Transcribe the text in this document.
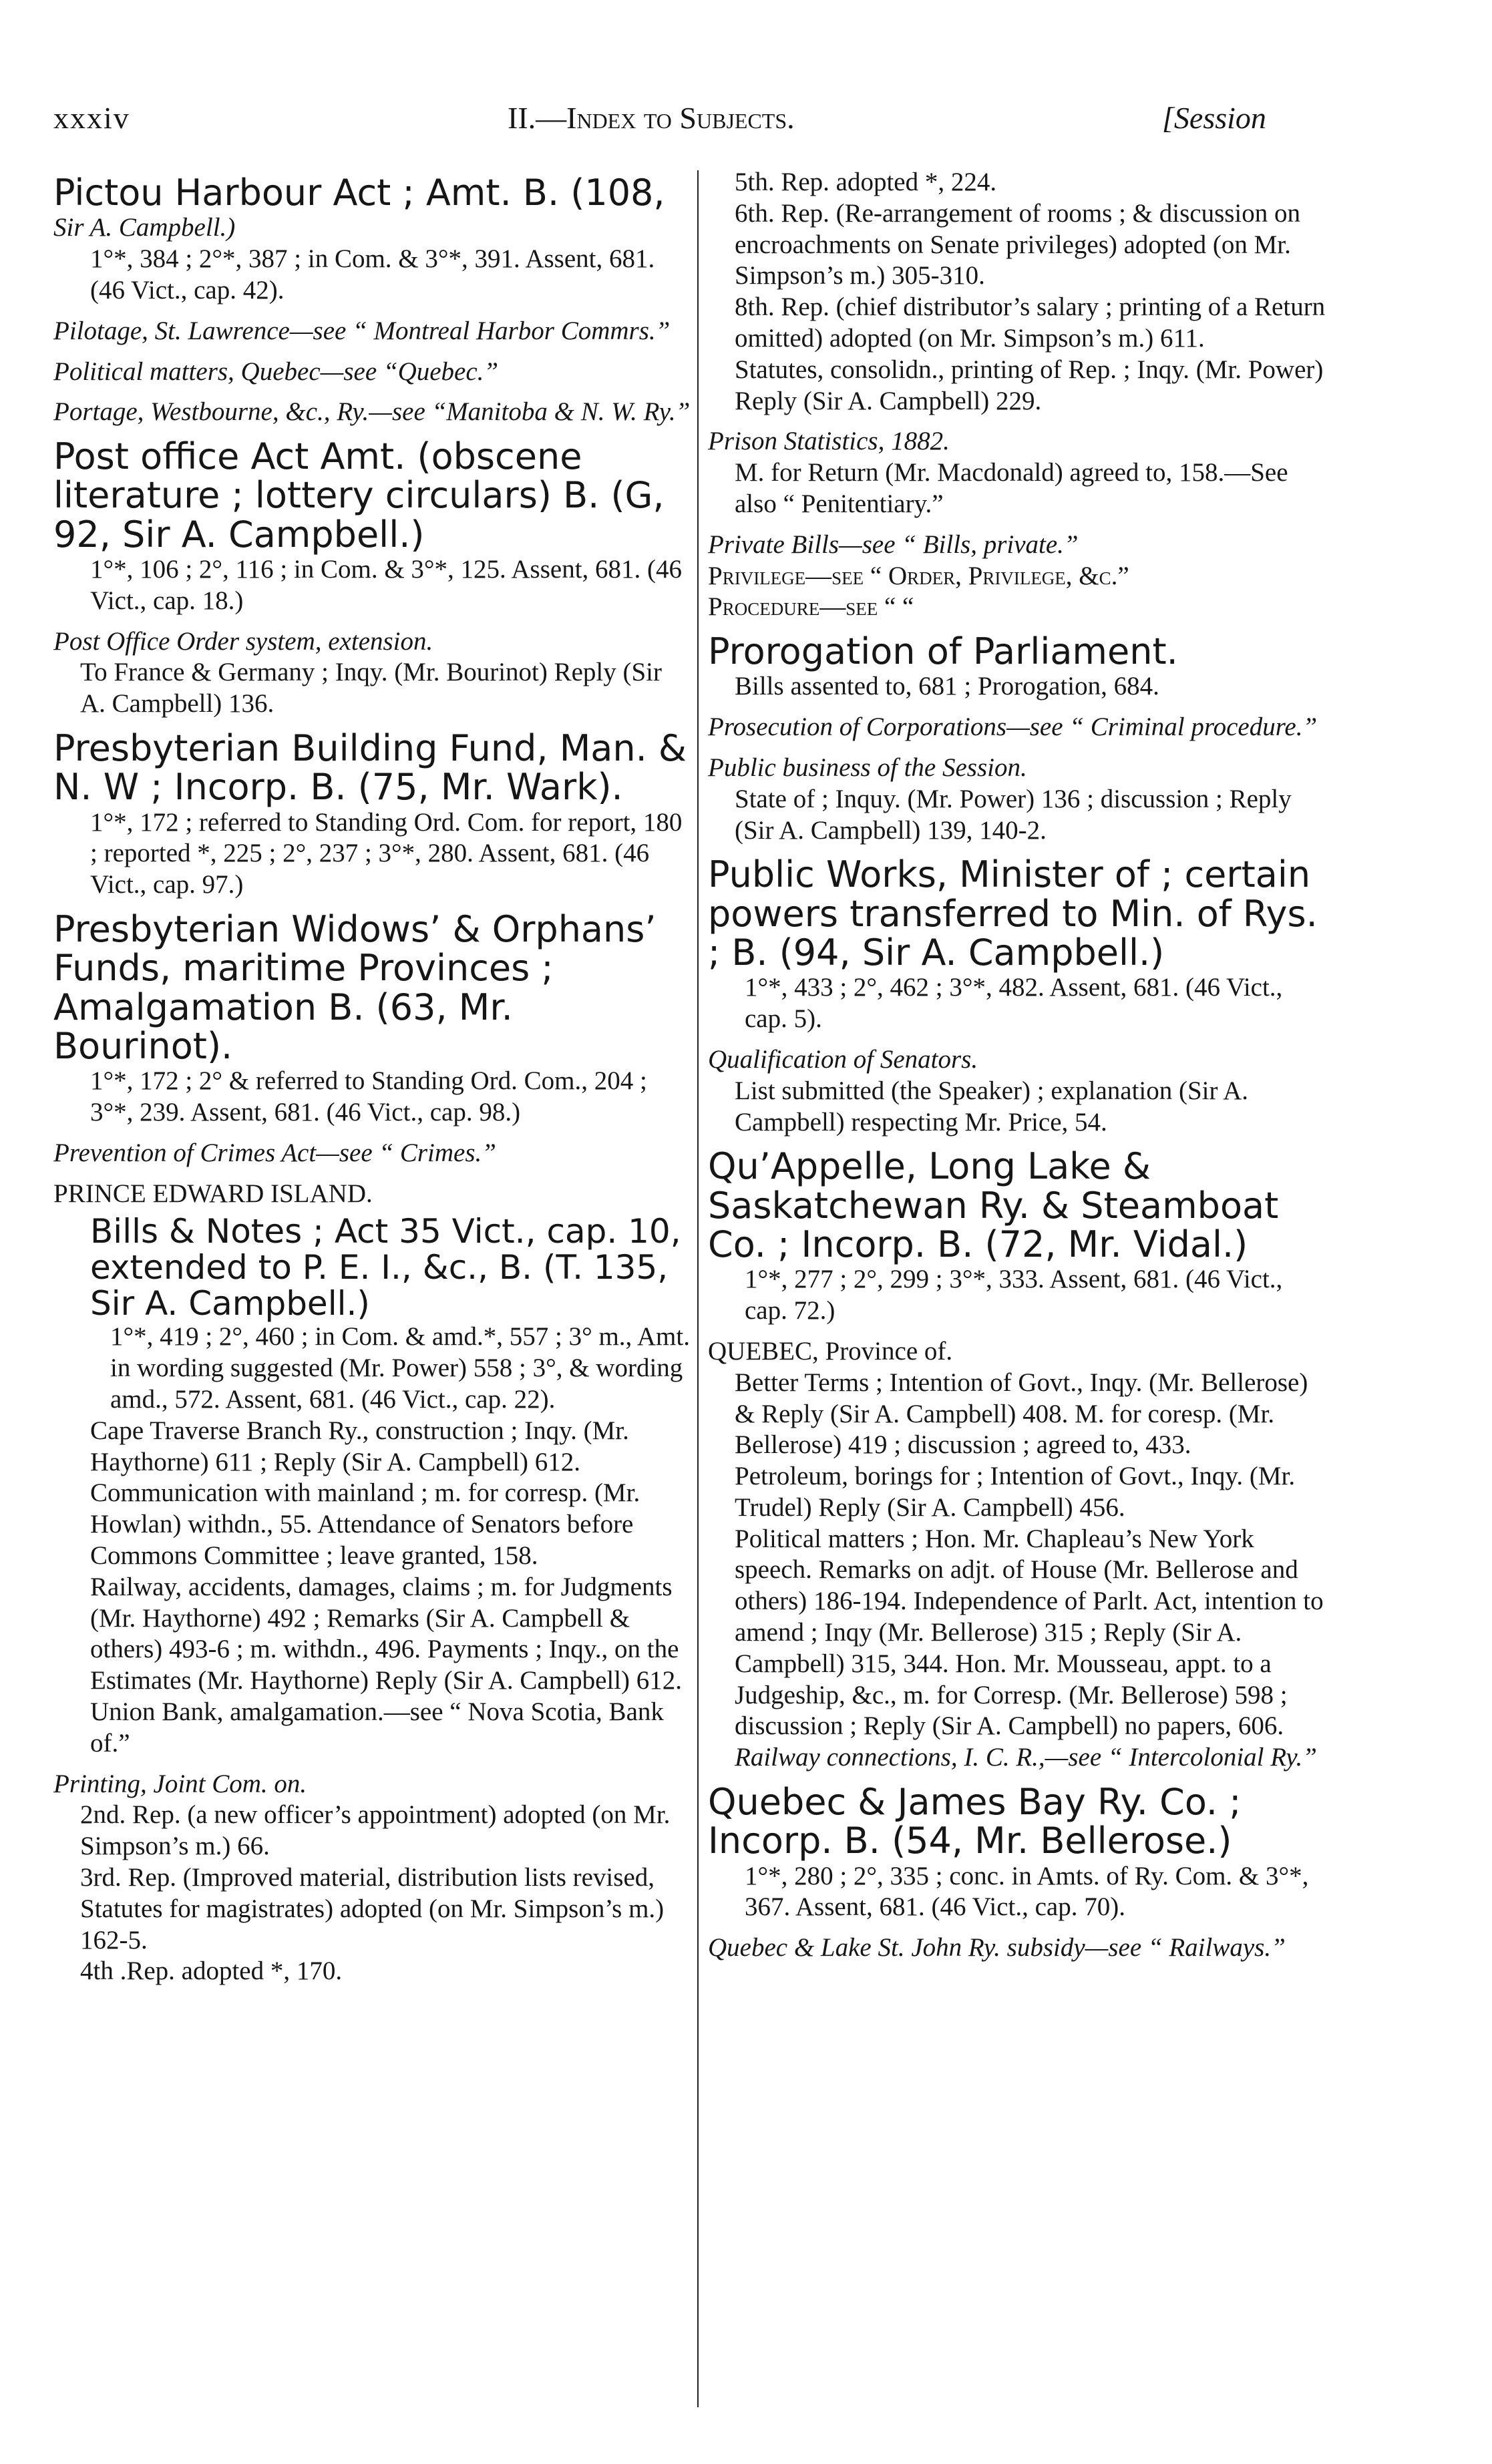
xxxiv	II.—Index to Subjects.	[Session

Pictou Harbour Act ; Amt. B. (108,

Sir A. Campbell.)

1°*, 384 ; 2°*, 387 ; in Com. & 3°*, 391. Assent, 681. (46 Vict., cap. 42).

Pilotage, St. Lawrence—see “ Montreal Harbor Commrs.”

Political matters, Quebec—see “Quebec.”

Portage, Westbourne, &c., Ry.—see “Manitoba & N. W. Ry.”

Post office Act Amt. (obscene literature ; lottery circulars) B. (G, 92, Sir A. Campbell.)

1°*, 106 ; 2°, 116 ; in Com. & 3°*, 125. Assent, 681. (46 Vict., cap. 18.)

Post Office Order system, extension.

To France & Germany ; Inqy. (Mr. Bourinot) Reply (Sir A. Campbell) 136.

Presbyterian Building Fund, Man. & N. W ; Incorp. B. (75, Mr. Wark).

1°*, 172 ; referred to Standing Ord. Com. for report, 180 ; reported *, 225 ; 2°, 237 ; 3°*, 280. Assent, 681. (46 Vict., cap. 97.)

Presbyterian Widows’ & Orphans’ Funds, maritime Provinces ; Amalgamation B. (63, Mr. Bourinot).

1°*, 172 ; 2° & referred to Standing Ord. Com., 204 ; 3°*, 239. Assent, 681. (46 Vict., cap. 98.)

Prevention of Crimes Act—see “ Crimes.”

PRINCE EDWARD ISLAND.

Bills & Notes ; Act 35 Vict., cap. 10, extended to P. E. I., &c., B. (T. 135, Sir A. Campbell.)

1°*, 419 ; 2°, 460 ; in Com. & amd.*, 557 ; 3° m., Amt. in wording suggested (Mr. Power) 558 ; 3°, & wording amd., 572. Assent, 681. (46 Vict., cap. 22).

Cape Traverse Branch Ry., construction ; Inqy. (Mr. Haythorne) 611 ; Reply (Sir A. Campbell) 612.

Communication with mainland ; m. for corresp. (Mr. Howlan) withdn., 55. Attendance of Senators before Commons Committee ; leave granted, 158.

Railway, accidents, damages, claims ; m. for Judgments (Mr. Haythorne) 492 ; Remarks (Sir A. Campbell & others) 493-6 ; m. withdn., 496. Payments ; Inqy., on the Estimates (Mr. Haythorne) Reply (Sir A. Campbell) 612.

Union Bank, amalgamation.—see “ Nova Scotia, Bank of.”

Printing, Joint Com. on.

2nd. Rep. (a new officer’s appointment) adopted (on Mr. Simpson’s m.) 66.

3rd. Rep. (Improved material, distribution lists revised, Statutes for magistrates) adopted (on Mr. Simpson’s m.) 162-5.

4th .Rep. adopted *, 170.

5th. Rep. adopted *, 224.

6th. Rep. (Re-arrangement of rooms ; & discussion on encroachments on Senate privileges) adopted (on Mr. Simpson’s m.) 305-310.

8th. Rep. (chief distributor’s salary ; printing of a Return omitted) adopted (on Mr. Simpson’s m.) 611.

Statutes, consolidn., printing of Rep. ; Inqy. (Mr. Power) Reply (Sir A. Campbell) 229.

Prison Statistics, 1882.

M. for Return (Mr. Macdonald) agreed to, 158.—See also “ Penitentiary.”

Private Bills—see “ Bills, private.”

Privilege—see “ Order, Privilege, &c.”

Procedure—see “ “

Prorogation of Parliament.

Bills assented to, 681 ; Prorogation, 684.

Prosecution of Corporations—see “ Criminal procedure.”

Public business of the Session.

State of ; Inquy. (Mr. Power) 136 ; discussion ; Reply (Sir A. Campbell) 139, 140-2.

Public Works, Minister of ; certain powers transferred to Min. of Rys. ; B. (94, Sir A. Campbell.)

1°*, 433 ; 2°, 462 ; 3°*, 482. Assent, 681. (46 Vict., cap. 5).

Qualification of Senators.

List submitted (the Speaker) ; explanation (Sir A. Campbell) respecting Mr. Price, 54.

Qu’Appelle, Long Lake & Saskatchewan Ry. & Steamboat Co. ; Incorp. B. (72, Mr. Vidal.)

1°*, 277 ; 2°, 299 ; 3°*, 333. Assent, 681. (46 Vict., cap. 72.)

QUEBEC, Province of.

Better Terms ; Intention of Govt., Inqy. (Mr. Bellerose) & Reply (Sir A. Campbell) 408. M. for coresp. (Mr. Bellerose) 419 ; discussion ; agreed to, 433.

Petroleum, borings for ; Intention of Govt., Inqy. (Mr. Trudel) Reply (Sir A. Campbell) 456.

Political matters ; Hon. Mr. Chapleau’s New York speech. Remarks on adjt. of House (Mr. Bellerose and others) 186-194. Independence of Parlt. Act, intention to amend ; Inqy (Mr. Bellerose) 315 ; Reply (Sir A. Campbell) 315, 344. Hon. Mr. Mousseau, appt. to a Judgeship, &c., m. for Corresp. (Mr. Bellerose) 598 ; discussion ; Reply (Sir A. Campbell) no papers, 606.

Railway connections, I. C. R.,—see “ Intercolonial Ry.”

Quebec & James Bay Ry. Co. ; Incorp. B. (54, Mr. Bellerose.)

1°*, 280 ; 2°, 335 ; conc. in Amts. of Ry. Com. & 3°*, 367. Assent, 681. (46 Vict., cap. 70).

Quebec & Lake St. John Ry. subsidy—see “ Railways.”
